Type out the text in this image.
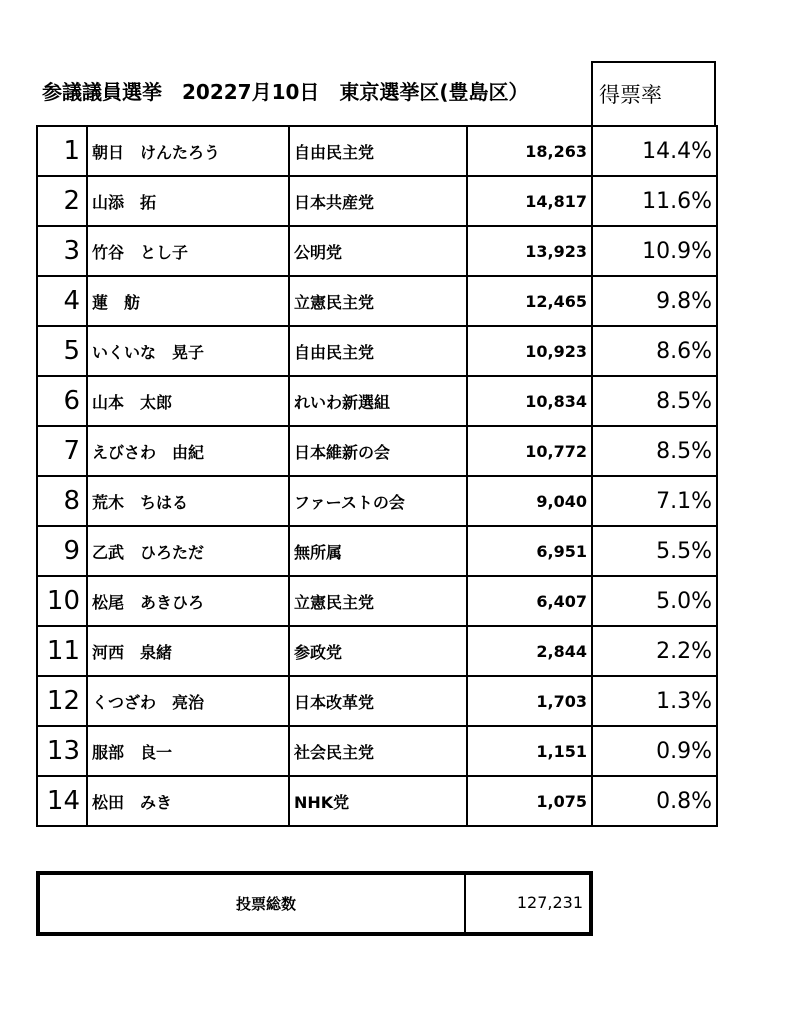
参議議員選挙　20227月10日　東京選挙区(豊島区）	得票率
1	朝日　けんたろう	自由民主党	18,263	14.4%
2	山添　拓	日本共産党	14,817	11.6%
3	竹谷　とし子	公明党	13,923	10.9%
4	蓮　舫	立憲民主党	12,465	9.8%
5	いくいな　晃子	自由民主党	10,923	8.6%
6	山本　太郎	れいわ新選組	10,834	8.5%
7	えびさわ　由紀	日本維新の会	10,772	8.5%
8	荒木　ちはる	ファーストの会	9,040	7.1%
9	乙武　ひろただ	無所属	6,951	5.5%
10	松尾　あきひろ	立憲民主党	6,407	5.0%
11	河西　泉緒	参政党	2,844	2.2%
12	くつざわ　亮治	日本改革党	1,703	1.3%
13	服部　良一	社会民主党	1,151	0.9%
14	松田　みき	NHK党	1,075	0.8%
投票総数	127,231
